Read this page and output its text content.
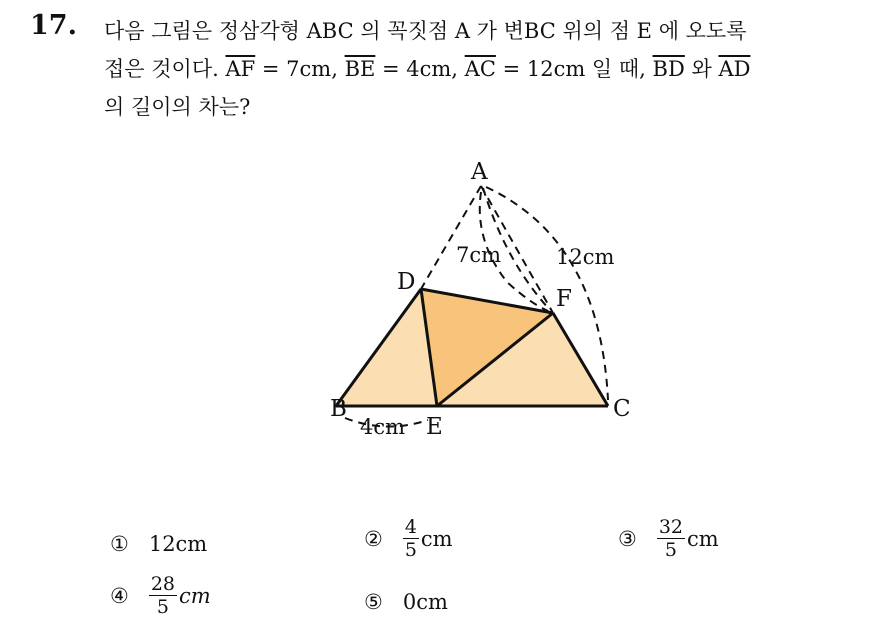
17. 다음 그림은 정삼각형 ABC 의 꼭짓점 A 가 변BC 위의 점 E 에 오도록
접은 것이다. $\overline{AF} = 7cm$, $\overline{BE} = 4cm$, $\overline{AC} = 12cm$ 일 때, $\overline{BD}$ 와 $\overline{AD}$
의 길이의 차는?
A
D
F
B	C
E
7cm	12cm
4cm
① 12cm	② $\frac{4}{5}$ cm	③ $\frac{32}{5}$ cm
④ $\frac{28}{5}$ cm	⑤ 0cm
